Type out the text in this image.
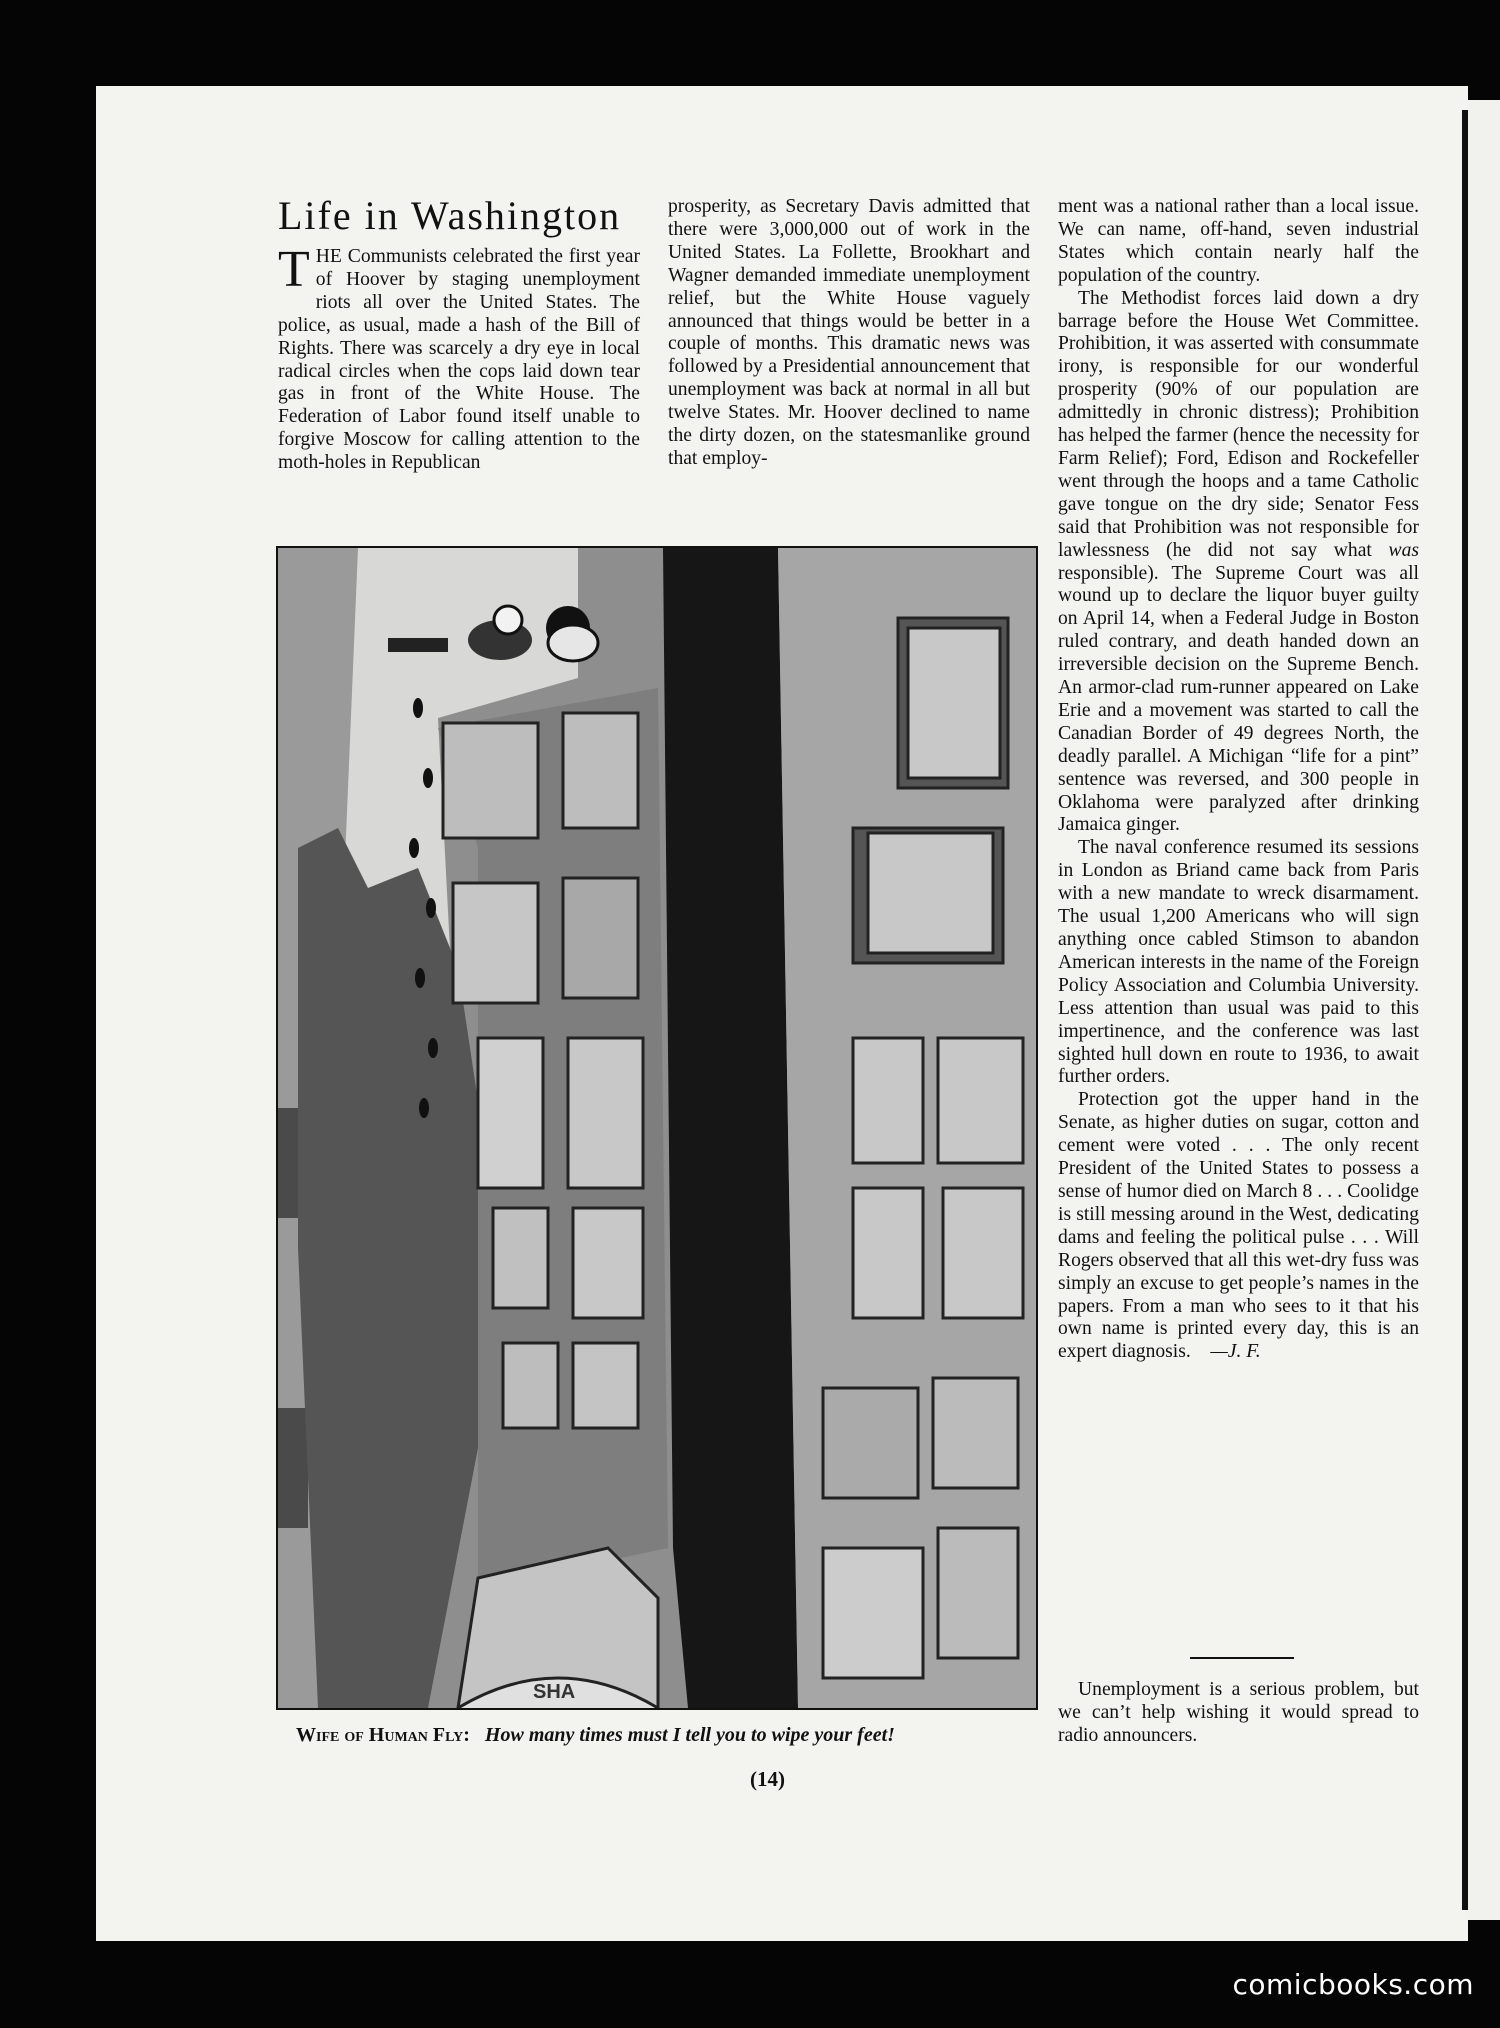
Life in Washington

THE Communists celebrated the first year of Hoover by staging unemployment riots all over the United States. The police, as usual, made a hash of the Bill of Rights. There was scarcely a dry eye in local radical circles when the cops laid down tear gas in front of the White House. The Federation of Labor found itself unable to forgive Moscow for calling attention to the moth-holes in Republican

prosperity, as Secretary Davis admitted that there were 3,000,000 out of work in the United States. La Follette, Brookhart and Wagner demanded immediate unemployment relief, but the White House vaguely announced that things would be better in a couple of months. This dramatic news was followed by a Presidential announcement that unemployment was back at normal in all but twelve States. Mr. Hoover declined to name the dirty dozen, on the statesmanlike ground that employ-

ment was a national rather than a local issue. We can name, off-hand, seven industrial States which contain nearly half the population of the country.

The Methodist forces laid down a dry barrage before the House Wet Committee. Prohibition, it was asserted with consummate irony, is responsible for our wonderful prosperity (90% of our population are admittedly in chronic distress); Prohibition has helped the farmer (hence the necessity for Farm Relief); Ford, Edison and Rockefeller went through the hoops and a tame Catholic gave tongue on the dry side; Senator Fess said that Prohibition was not responsible for lawlessness (he did not say what was responsible). The Supreme Court was all wound up to declare the liquor buyer guilty on April 14, when a Federal Judge in Boston ruled contrary, and death handed down an irreversible decision on the Supreme Bench. An armor-clad rum-runner appeared on Lake Erie and a movement was started to call the Canadian Border of 49 degrees North, the deadly parallel. A Michigan “life for a pint” sentence was reversed, and 300 people in Oklahoma were paralyzed after drinking Jamaica ginger.

The naval conference resumed its sessions in London as Briand came back from Paris with a new mandate to wreck disarmament. The usual 1,200 Americans who will sign anything once cabled Stimson to abandon American interests in the name of the Foreign Policy Association and Columbia University. Less attention than usual was paid to this impertinence, and the conference was last sighted hull down en route to 1936, to await further orders.

Protection got the upper hand in the Senate, as higher duties on sugar, cotton and cement were voted . . . The only recent President of the United States to possess a sense of humor died on March 8 . . . Coolidge is still messing around in the West, dedicating dams and feeling the political pulse . . . Will Rogers observed that all this wet-dry fuss was simply an excuse to get people’s names in the papers. From a man who sees to it that his own name is printed every day, this is an expert diagnosis. —J. F.

SHA
Wife of Human Fly: How many times must I tell you to wipe your feet!
(14)

Unemployment is a serious problem, but we can’t help wishing it would spread to radio announcers.

comicbooks.com
